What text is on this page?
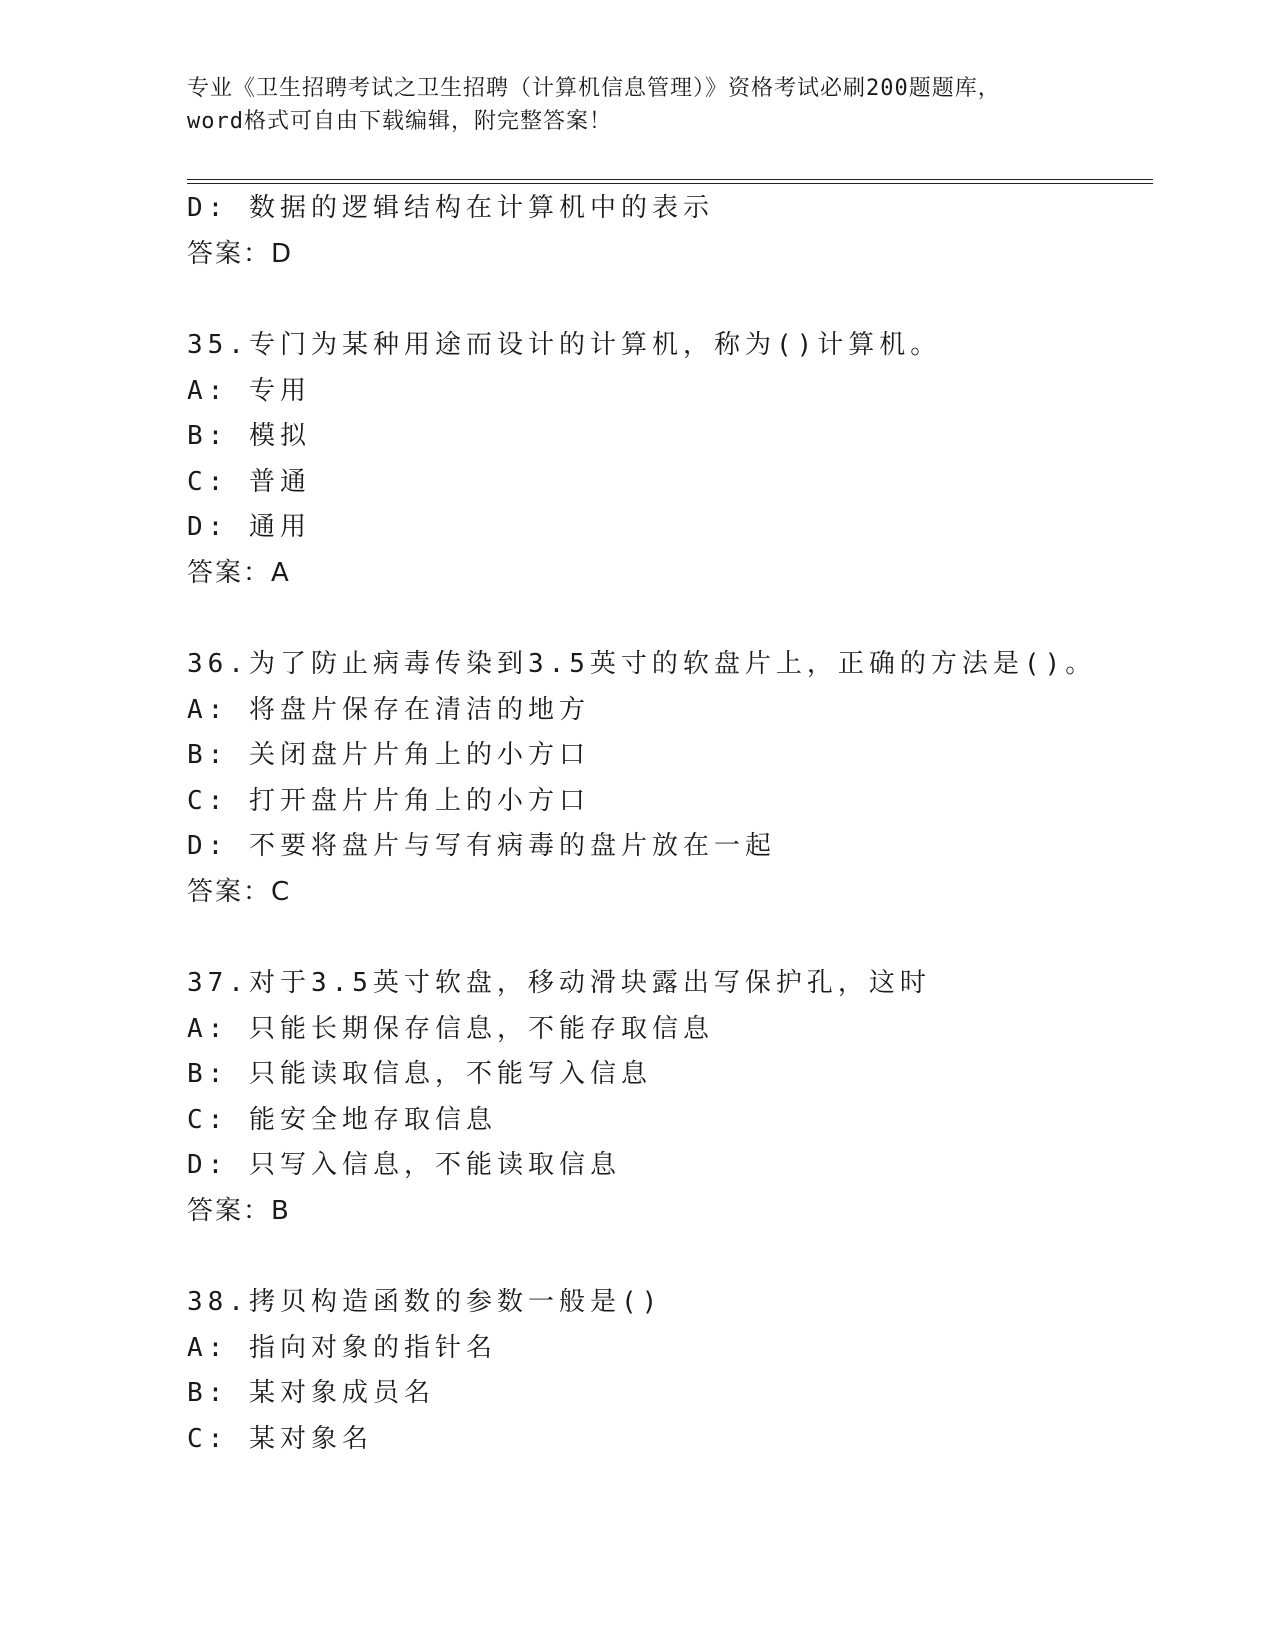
专业《卫生招聘考试之卫生招聘（计算机信息管理）》资格考试必刷200题题库，
word格式可自由下载编辑，附完整答案！
D: 数据的逻辑结构在计算机中的表示
答案：D
35.专门为某种用途而设计的计算机，称为()计算机。
A: 专用
B: 模拟
C: 普通
D: 通用
答案：A
36.为了防止病毒传染到3.5英寸的软盘片上，正确的方法是()。
A: 将盘片保存在清洁的地方
B: 关闭盘片片角上的小方口
C: 打开盘片片角上的小方口
D: 不要将盘片与写有病毒的盘片放在一起
答案：C
37.对于3.5英寸软盘，移动滑块露出写保护孔，这时
A: 只能长期保存信息，不能存取信息
B: 只能读取信息，不能写入信息
C: 能安全地存取信息
D: 只写入信息，不能读取信息
答案：B
38.拷贝构造函数的参数一般是()
A: 指向对象的指针名
B: 某对象成员名
C: 某对象名
